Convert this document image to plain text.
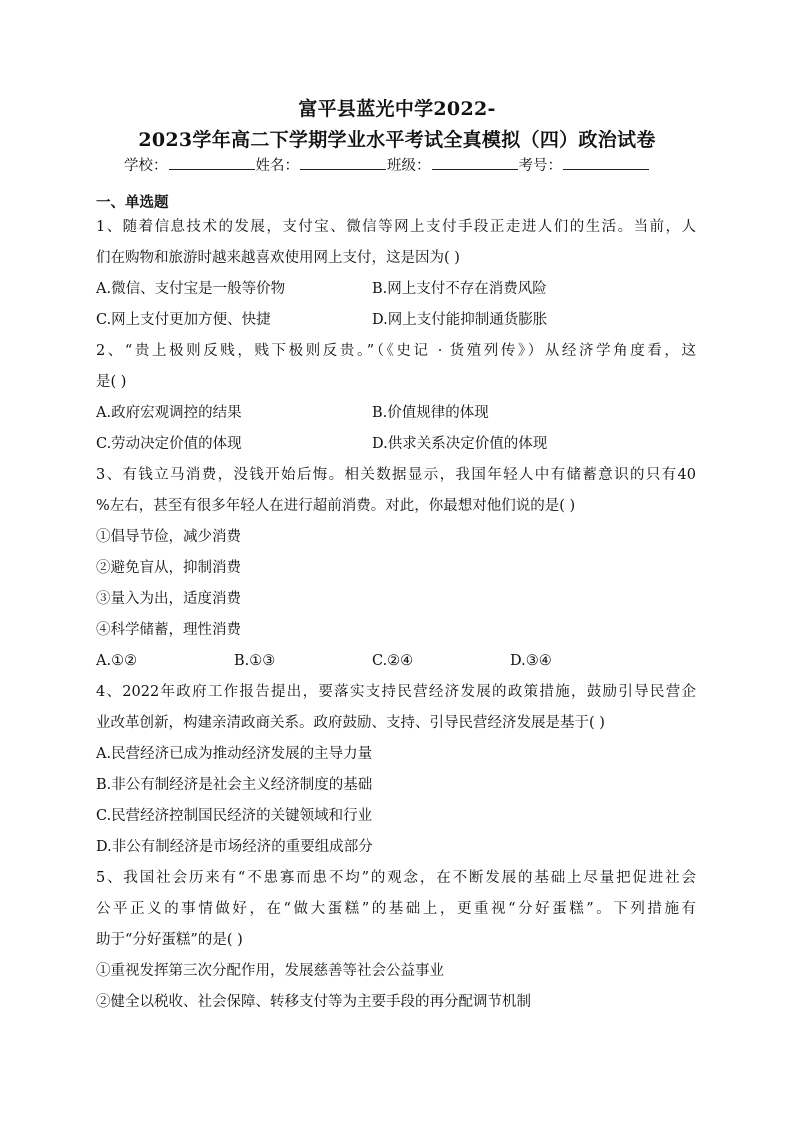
富平县蓝光中学2022-
2023学年高二下学期学业水平考试全真模拟（四）政治试卷
学校：	姓名：	班级：	考号：
一、单选题
1、随着信息技术的发展，支付宝、微信等网上支付手段正走进人们的生活。当前，人
们在购物和旅游时越来越喜欢使用网上支付，这是因为( )
A.微信、支付宝是一般等价物	B.网上支付不存在消费风险
C.网上支付更加方便、快捷	D.网上支付能抑制通货膨胀
2、“贵上极则反贱，贱下极则反贵。”（《史记 · 货殖列传》）从经济学角度看，这
是( )
A.政府宏观调控的结果	B.价值规律的体现
C.劳动决定价值的体现	D.供求关系决定价值的体现
3、有钱立马消费，没钱开始后悔。相关数据显示，我国年轻人中有储蓄意识的只有40
%左右，甚至有很多年轻人在进行超前消费。对此，你最想对他们说的是( )
①倡导节俭，减少消费
②避免盲从，抑制消费
③量入为出，适度消费
④科学储蓄，理性消费
A.①②	B.①③	C.②④	D.③④
4、2022年政府工作报告提出，要落实支持民营经济发展的政策措施，鼓励引导民营企
业改革创新，构建亲清政商关系。政府鼓励、支持、引导民营经济发展是基于( )
A.民营经济已成为推动经济发展的主导力量
B.非公有制经济是社会主义经济制度的基础
C.民营经济控制国民经济的关键领域和行业
D.非公有制经济是市场经济的重要组成部分
5、我国社会历来有“不患寡而患不均”的观念，在不断发展的基础上尽量把促进社会
公平正义的事情做好，在“做大蛋糕”的基础上，更重视“分好蛋糕”。下列措施有
助于“分好蛋糕”的是( )
①重视发挥第三次分配作用，发展慈善等社会公益事业
②健全以税收、社会保障、转移支付等为主要手段的再分配调节机制
